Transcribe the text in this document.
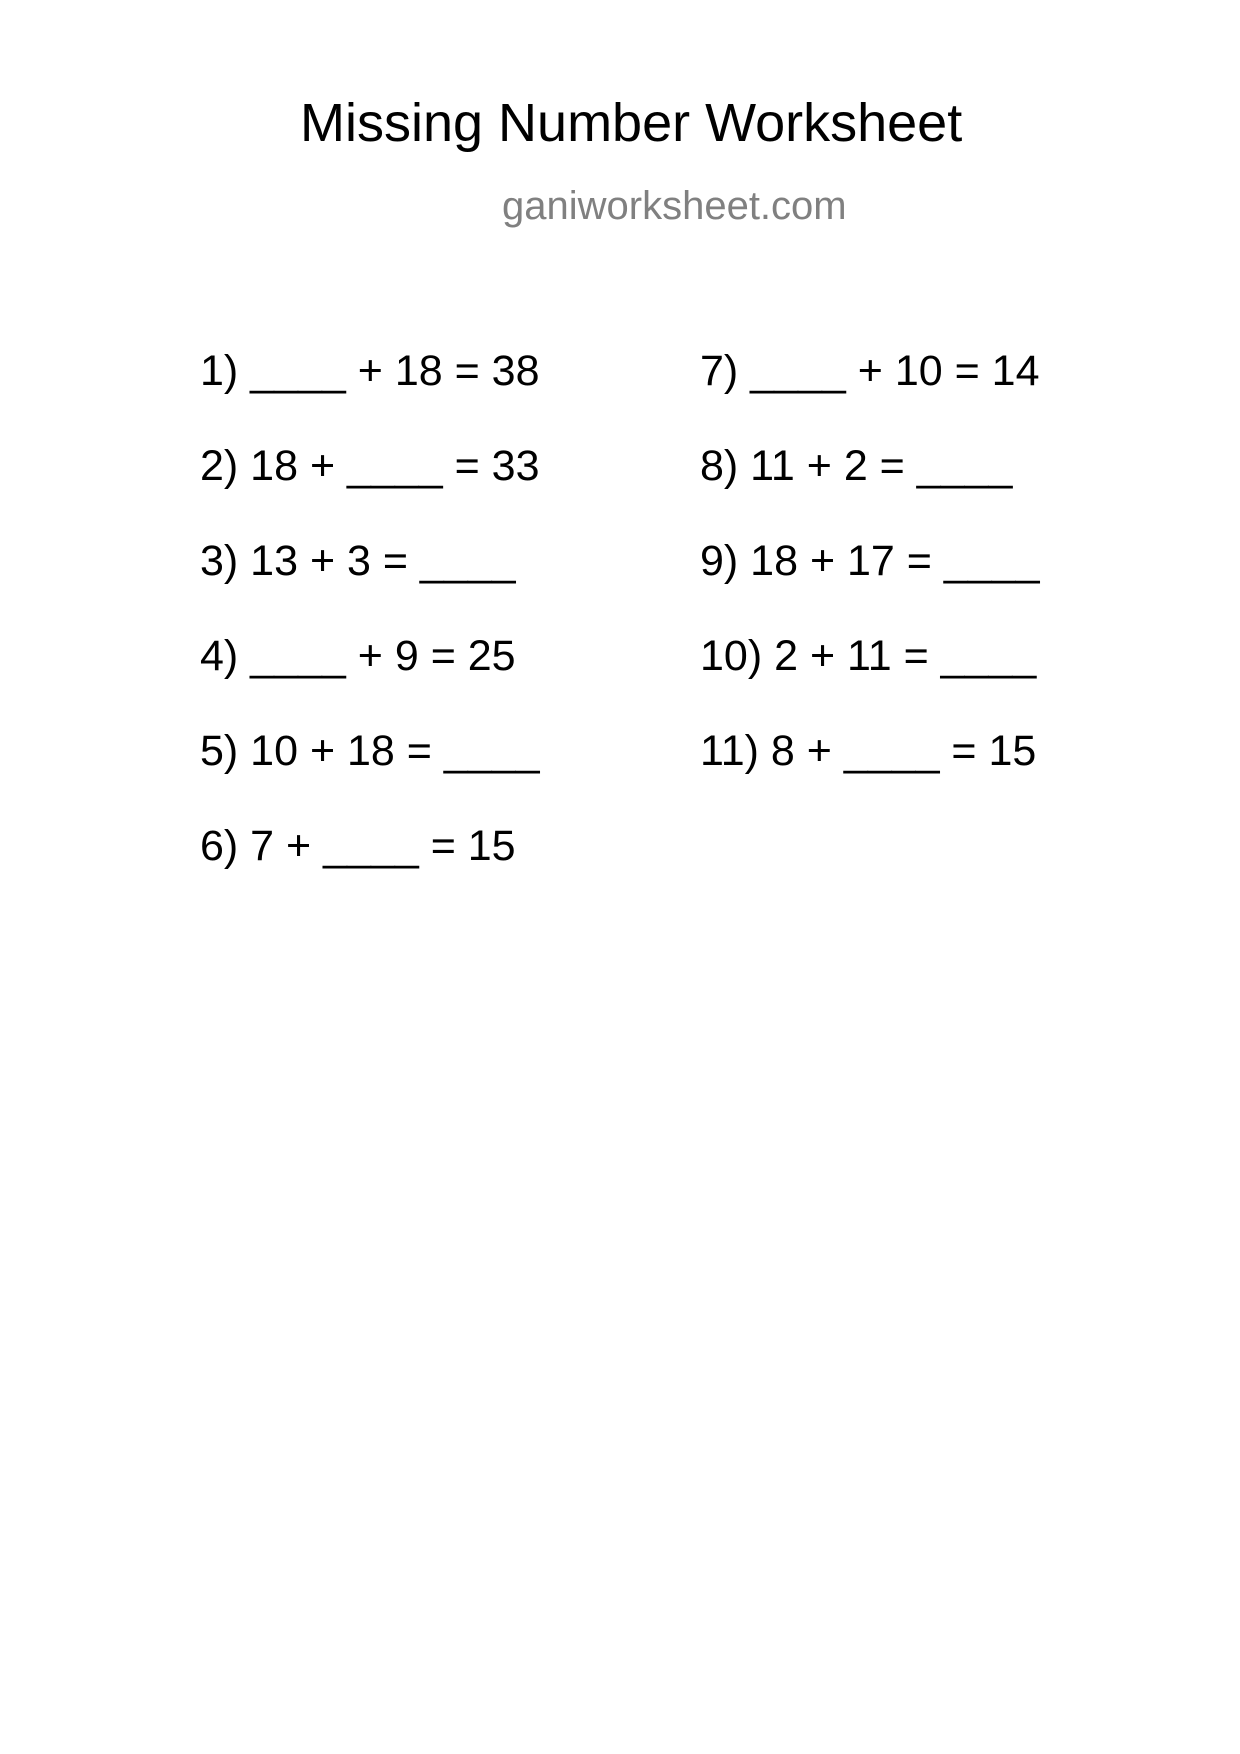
Missing Number Worksheet
ganiworksheet.com
1) ____ + 18 = 38
2) 18 + ____ = 33
3) 13 + 3 = ____
4) ____ + 9 = 25
5) 10 + 18 = ____
6) 7 + ____ = 15
7) ____ + 10 = 14
8) 11 + 2 = ____
9) 18 + 17 = ____
10) 2 + 11 = ____
11) 8 + ____ = 15
